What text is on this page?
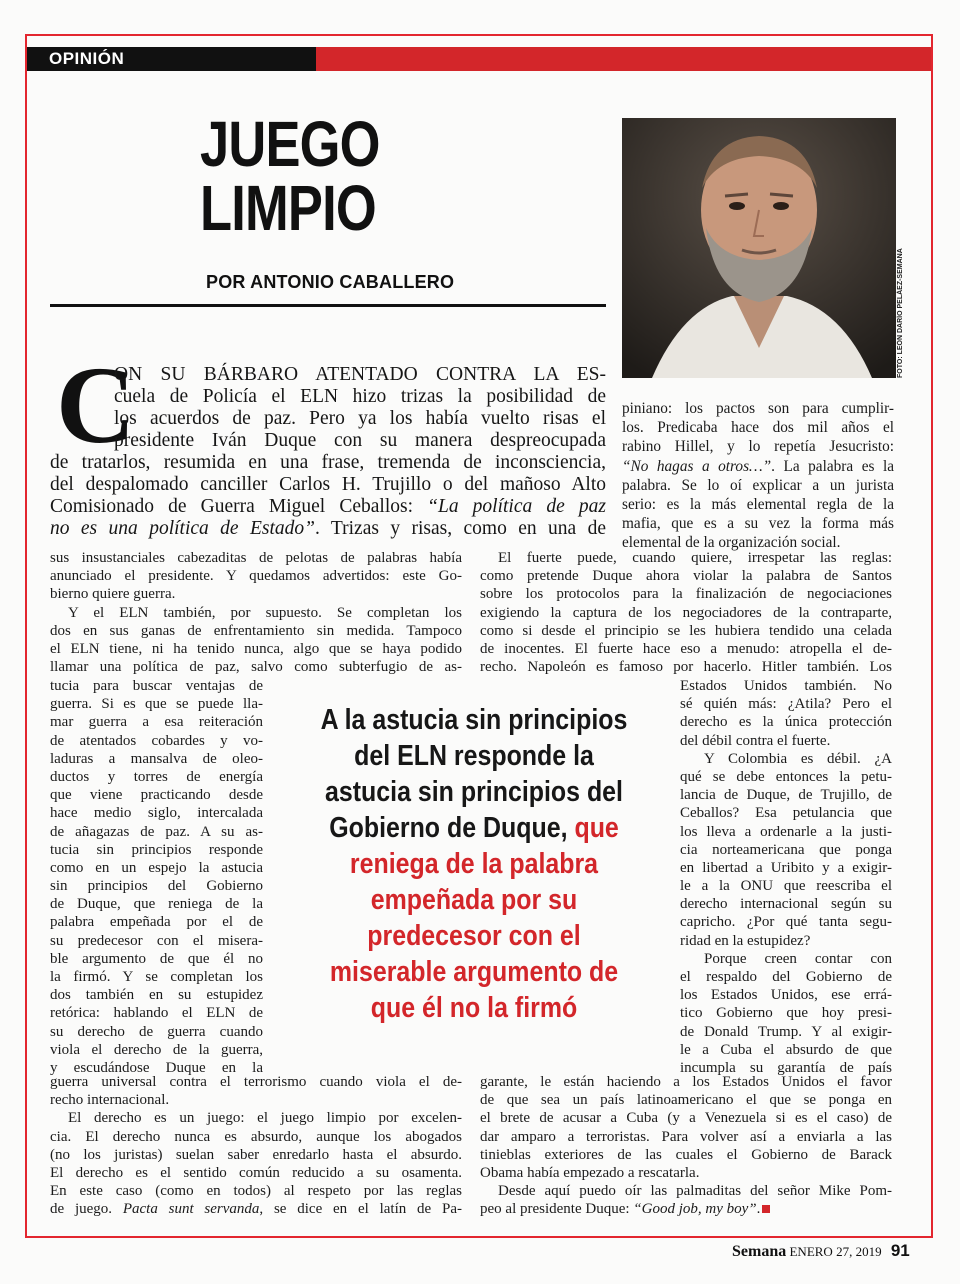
OPINIÓN
JUEGO LIMPIO
POR ANTONIO CABALLERO	FOTO: LEÓN DARÍO PELÁEZ-SEMANA
C
ON SU BÁRBARO ATENTADO CONTRA LA ES-
cuela de Policía el ELN hizo trizas la posibilidad de
los acuerdos de paz. Pero ya los había vuelto risas el
presidente Iván Duque con su manera despreocupada
de tratarlos, resumida en una frase, tremenda de inconsciencia,
del despalomado canciller Carlos H. Trujillo o del mañoso Alto
Comisionado de Guerra Miguel Ceballos: “La política de paz
no es una política de Estado”. Trizas y risas, como en una de
sus insustanciales cabezaditas de pelotas de palabras había
anunciado el presidente. Y quedamos advertidos: este Go-
bierno quiere guerra.
Y el ELN también, por supuesto. Se completan los
dos en sus ganas de enfrentamiento sin medida. Tampoco
el ELN tiene, ni ha tenido nunca, algo que se haya podido
llamar una política de paz, salvo como subterfugio de as-
tucia para buscar ventajas de
guerra. Si es que se puede lla-
mar guerra a esa reiteración
de atentados cobardes y vo-
laduras a mansalva de oleo-
ductos y torres de energía
que viene practicando desde
hace medio siglo, intercalada
de añagazas de paz. A su as-
tucia sin principios responde
como en un espejo la astucia
sin principios del Gobierno
de Duque, que reniega de la
palabra empeñada por el de
su predecesor con el misera-
ble argumento de que él no
la firmó. Y se completan los
dos también en su estupidez
retórica: hablando el ELN de
su derecho de guerra cuando
viola el derecho de la guerra,
y escudándose Duque en la
guerra universal contra el terrorismo cuando viola el de-
recho internacional.
El derecho es un juego: el juego limpio por excelen-
cia. El derecho nunca es absurdo, aunque los abogados
(no los juristas) suelan saber enredarlo hasta el absurdo.
El derecho es el sentido común reducido a su osamenta.
En este caso (como en todos) al respeto por las reglas
de juego. Pacta sunt servanda, se dice en el latín de Pa-
piniano: los pactos son para cumplir-
los. Predicaba hace dos mil años el
rabino Hillel, y lo repetía Jesucristo:
“No hagas a otros…”. La palabra es la
palabra. Se lo oí explicar a un jurista
serio: es la más elemental regla de la
mafia, que es a su vez la forma más
elemental de la organización social.
El fuerte puede, cuando quiere, irrespetar las reglas:
como pretende Duque ahora violar la palabra de Santos
sobre los protocolos para la finalización de negociaciones
exigiendo la captura de los negociadores de la contraparte,
como si desde el principio se les hubiera tendido una celada
de inocentes. El fuerte hace eso a menudo: atropella el de-
recho. Napoleón es famoso por hacerlo. Hitler también. Los
Estados Unidos también. No
sé quién más: ¿Atila? Pero el
derecho es la única protección
del débil contra el fuerte.
Y Colombia es débil. ¿A
qué se debe entonces la petu-
lancia de Duque, de Trujillo, de
Ceballos? Esa petulancia que
los lleva a ordenarle a la justi-
cia norteamericana que ponga
en libertad a Uribito y a exigir-
le a la ONU que reescriba el
derecho internacional según su
capricho. ¿Por qué tanta segu-
ridad en la estupidez?
Porque creen contar con
el respaldo del Gobierno de
los Estados Unidos, ese errá-
tico Gobierno que hoy presi-
de Donald Trump. Y al exigir-
le a Cuba el absurdo de que
incumpla su garantía de país
garante, le están haciendo a los Estados Unidos el favor
de que sea un país latinoamericano el que se ponga en
el brete de acusar a Cuba (y a Venezuela si es el caso) de
dar amparo a terroristas. Para volver así a enviarla a las
tinieblas exteriores de las cuales el Gobierno de Barack
Obama había empezado a rescatarla.
Desde aquí puedo oír las palmaditas del señor Mike Pom-
peo al presidente Duque: “Good job, my boy”.
A la astucia sin principios del ELN responde la astucia sin principios del Gobierno de Duque, que reniega de la palabra empeñada por su predecesor con el miserable argumento de que él no la firmó
Semana ENERO 27, 2019 91
